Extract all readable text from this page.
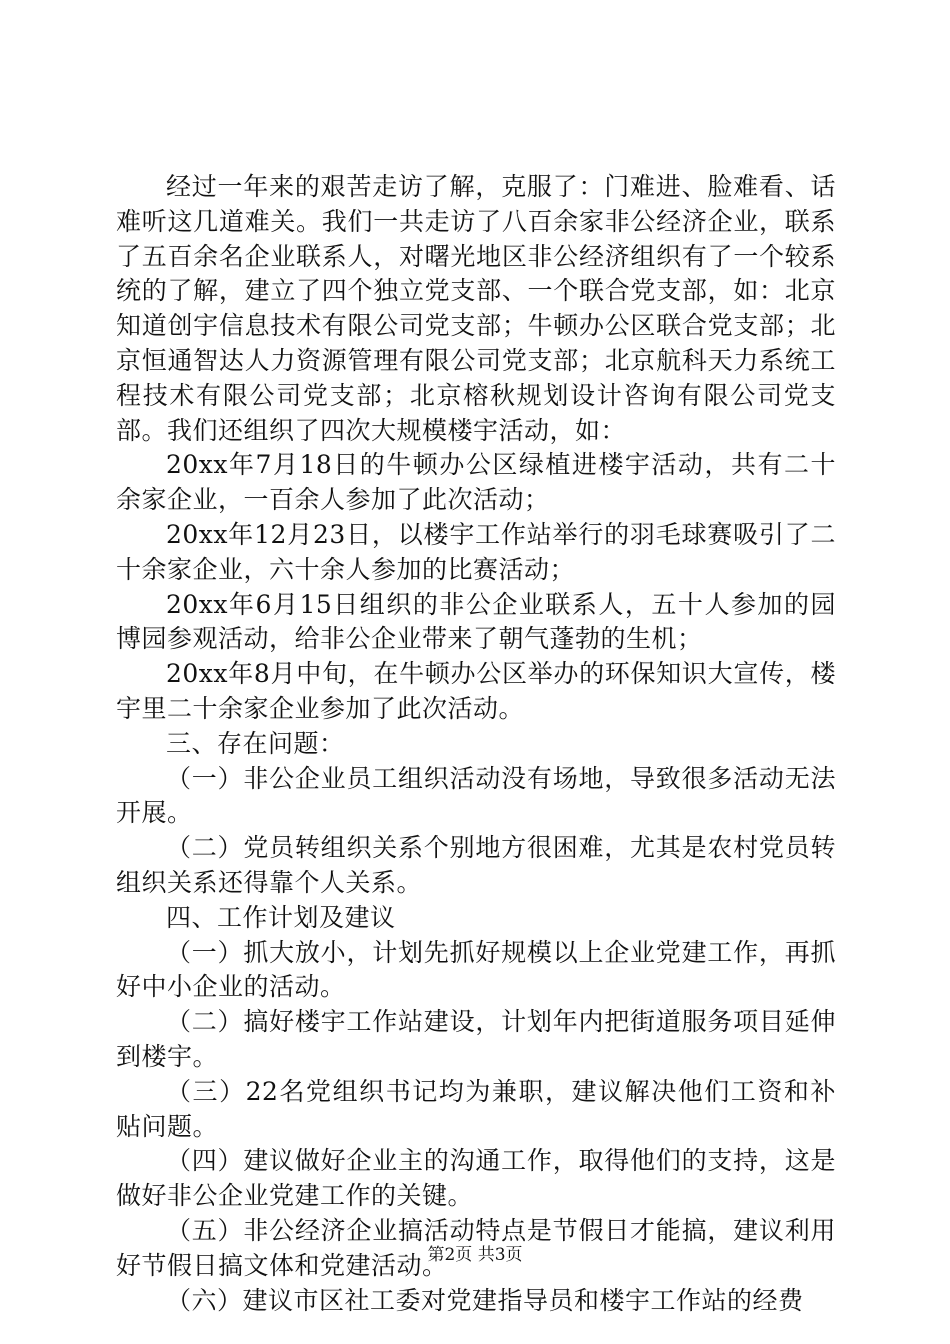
经过一年来的艰苦走访了解，克服了：门难进、脸难看、话难听这几道难关。我们一共走访了八百余家非公经济企业，联系了五百余名企业联系人，对曙光地区非公经济组织有了一个较系统的了解，建立了四个独立党支部、一个联合党支部，如：北京知道创宇信息技术有限公司党支部；牛顿办公区联合党支部；北京恒通智达人力资源管理有限公司党支部；北京航科天力系统工程技术有限公司党支部；北京榕秋规划设计咨询有限公司党支部。我们还组织了四次大规模楼宇活动，如：

20xx年7月18日的牛顿办公区绿植进楼宇活动，共有二十余家企业，一百余人参加了此次活动；

20xx年12月23日，以楼宇工作站举行的羽毛球赛吸引了二十余家企业，六十余人参加的比赛活动；

20xx年6月15日组织的非公企业联系人，五十人参加的园博园参观活动，给非公企业带来了朝气蓬勃的生机；

20xx年8月中旬，在牛顿办公区举办的环保知识大宣传，楼宇里二十余家企业参加了此次活动。

三、存在问题：

（一）非公企业员工组织活动没有场地，导致很多活动无法开展。

（二）党员转组织关系个别地方很困难，尤其是农村党员转组织关系还得靠个人关系。

四、工作计划及建议

（一）抓大放小，计划先抓好规模以上企业党建工作，再抓好中小企业的活动。

（二）搞好楼宇工作站建设，计划年内把街道服务项目延伸到楼宇。

（三）22名党组织书记均为兼职，建议解决他们工资和补贴问题。

（四）建议做好企业主的沟通工作，取得他们的支持，这是做好非公企业党建工作的关键。

（五）非公经济企业搞活动特点是节假日才能搞，建议利用好节假日搞文体和党建活动。

（六）建议市区社工委对党建指导员和楼宇工作站的经费

第2页 共3页
